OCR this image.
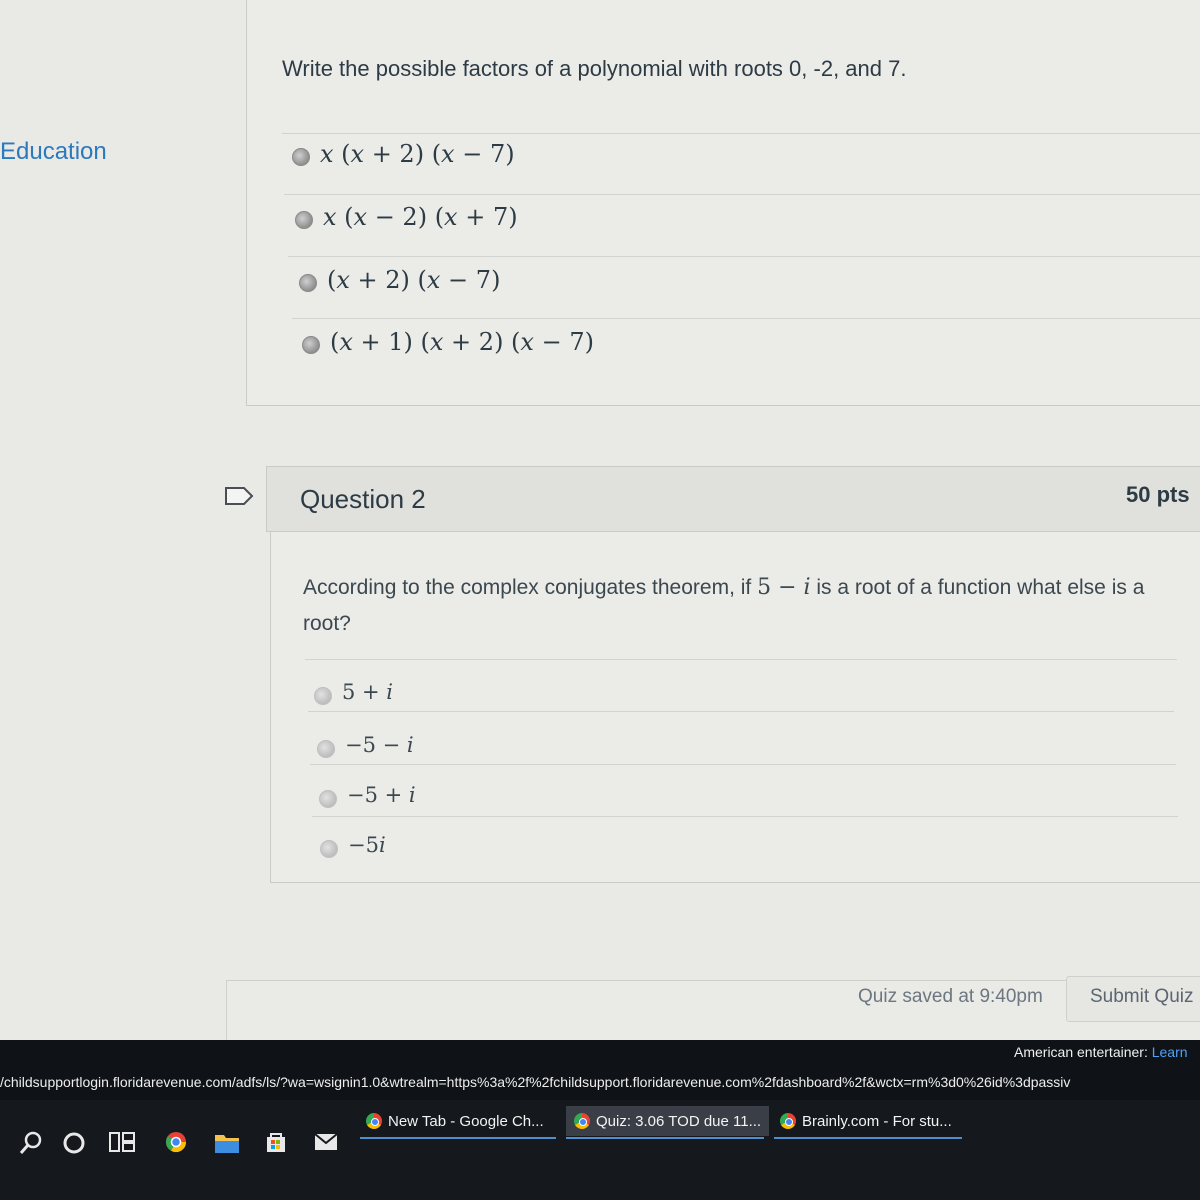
Education
Write the possible factors of a polynomial with roots 0, -2, and 7.
𝑥 (𝑥 + 2) (𝑥 − 7)
𝑥 (𝑥 − 2) (𝑥 + 7)
(𝑥 + 2) (𝑥 − 7)
(𝑥 + 1) (𝑥 + 2) (𝑥 − 7)
Question 2	50 pts
According to the complex conjugates theorem, if 5 − 𝑖 is a root of a function what else is a root?
5 + 𝑖
−5 − 𝑖
−5 + 𝑖
−5𝑖
Quiz saved at 9:40pm Submit Quiz
American entertainer: Learn
/childsupportlogin.floridarevenue.com/adfs/ls/?wa=wsignin1.0&wtrealm=https%3a%2f%2fchildsupport.floridarevenue.com%2fdashboard%2f&wctx=rm%3d0%26id%3dpassiv
New Tab - Google Ch...	Quiz: 3.06 TOD due 11...	Brainly.com - For stu...
